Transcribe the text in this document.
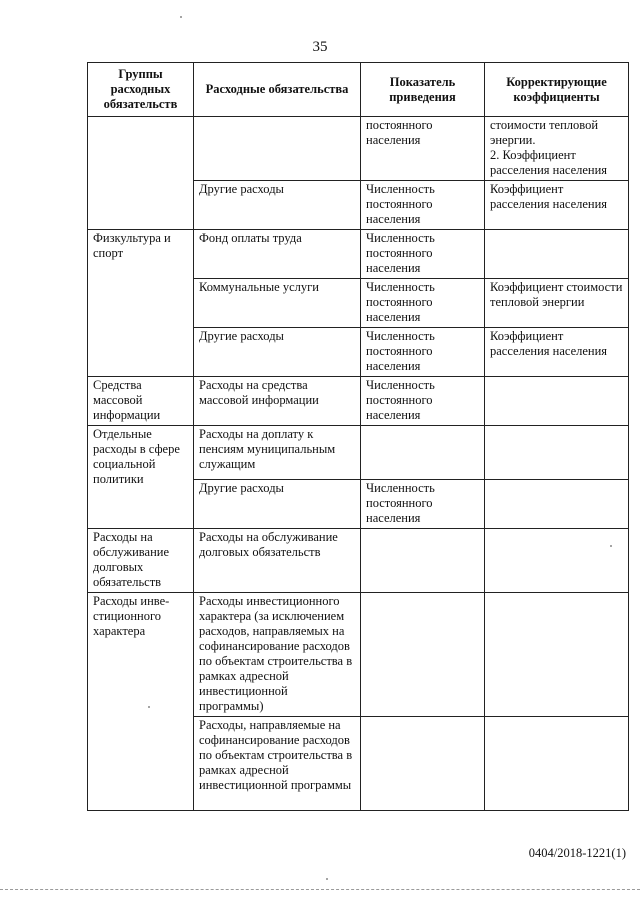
35
Группы расходных обязательств	Расходные обязательства	Показатель приведения	Корректирующие коэффициенты
		постоянного населения	стоимости тепловой энергии.
2. Коэффициент расселения населения
	Другие расходы	Численность постоянного населения	Коэффициент расселения населения
Физкультура и спорт	Фонд оплаты труда	Численность постоянного населения	
	Коммунальные услуги	Численность постоянного населения	Коэффициент стоимости тепловой энергии
	Другие расходы	Численность постоянного населения	Коэффициент расселения населения
Средства массовой информации	Расходы на средства массовой информации	Численность постоянного населения	
Отдельные расходы в сфере социальной политики	Расходы на доплату к пенсиям муниципальным служащим		
	Другие расходы	Численность постоянного населения	
Расходы на обслуживание долговых обязательств	Расходы на обслуживание долговых обязательств		
Расходы инве-стиционного характера	Расходы инвестиционного характера (за исключением расходов, направляемых на софинансирование расходов по объектам строительства в рамках адресной инвестиционной программы)		
	Расходы, направляемые на софинансирование расходов по объектам строительства в рамках адресной инвестиционной программы		
0404/2018-1221(1)
